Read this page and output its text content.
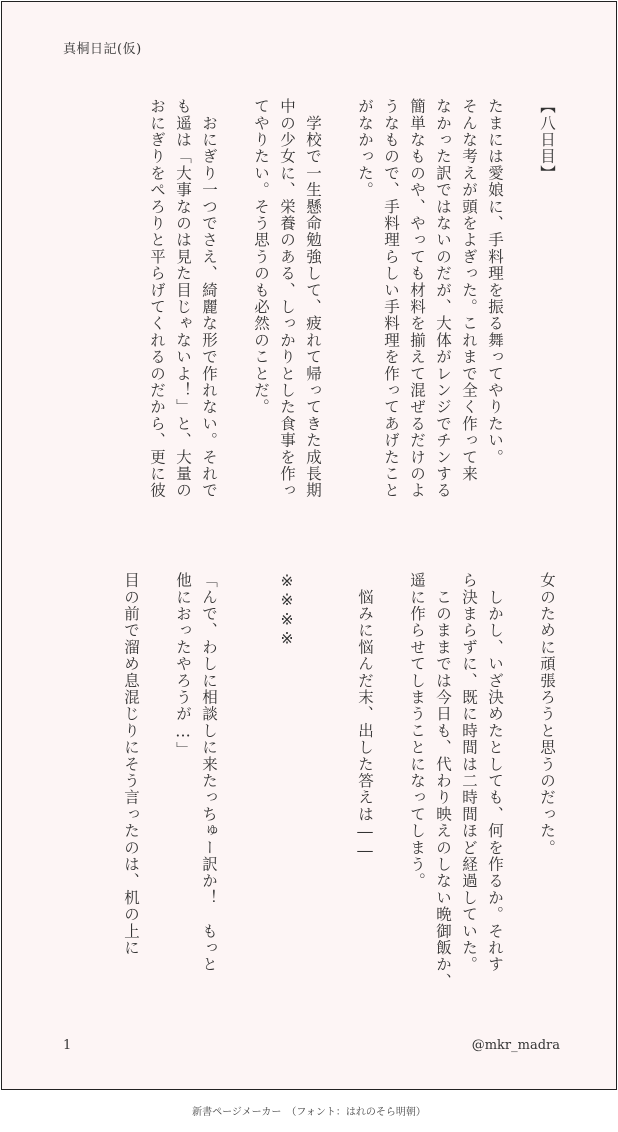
真桐日記(仮)
【八日目】

たまには愛娘に、手料理を振る舞ってやりたい。
そんな考えが頭をよぎった。これまで全く作って来
なかった訳ではないのだが、大体がレンジでチンする
簡単なものや、やっても材料を揃えて混ぜるだけのよ
うなもので、手料理らしい手料理を作ってあげたこと
がなかった。

　学校で一生懸命勉強して、疲れて帰ってきた成長期
中の少女に、栄養のある、しっかりとした食事を作っ
てやりたい。そう思うのも必然のことだ。

　おにぎり一つでさえ、綺麗な形で作れない。それで
も遥は「大事なのは見た目じゃないよ！」と、大量の
おにぎりをぺろりと平らげてくれるのだから、更に彼
女のために頑張ろうと思うのだった。

　しかし、いざ決めたとしても、何を作るか。それす
ら決まらずに、既に時間は二時間ほど経過していた。
　このままでは今日も、代わり映えのしない晩御飯か、
遥に作らせてしまうことになってしまう。

　悩みに悩んだ末、出した答えは――

※※※※

「んで、わしに相談しに来たっちゅー訳か！　もっと
他におったやろうが…」

目の前で溜め息混じりにそう言ったのは、机の上に
1	@mkr_madra
新書ページメーカー　（フォント：はれのそら明朝）
